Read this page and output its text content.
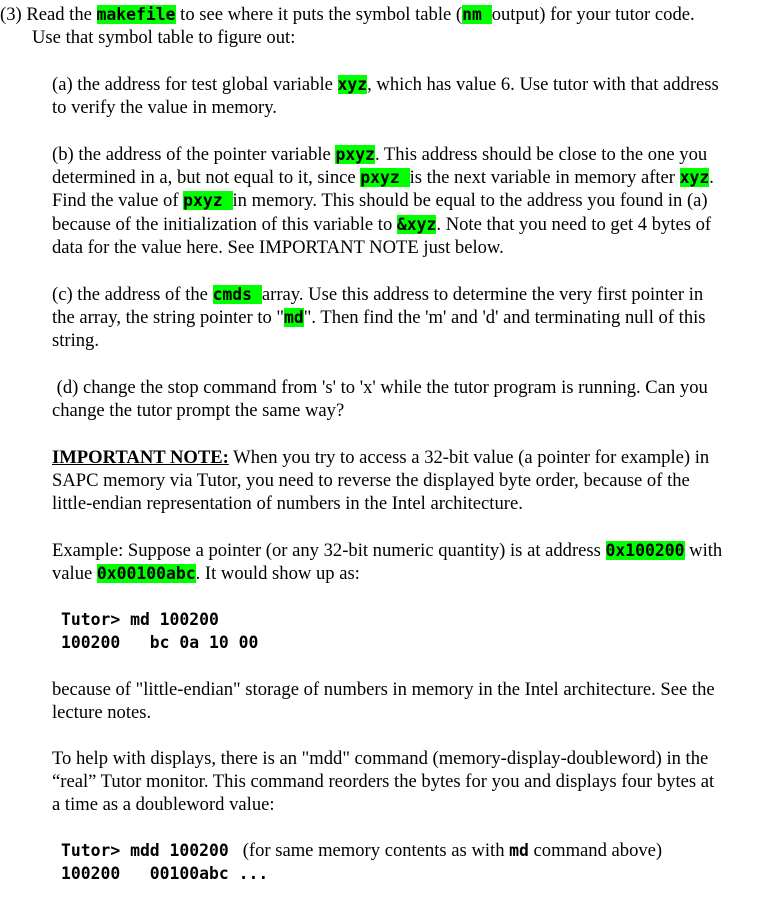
(3) Read the makefile to see where it puts the symbol table (nm output) for your tutor code.
Use that symbol table to figure out:
(a) the address for test global variable xyz, which has value 6. Use tutor with that address
to verify the value in memory.
(b) the address of the pointer variable pxyz. This address should be close to the one you
determined in a, but not equal to it, since pxyz is the next variable in memory after xyz.
Find the value of pxyz in memory. This should be equal to the address you found in (a)
because of the initialization of this variable to &xyz. Note that you need to get 4 bytes of
data for the value here. See IMPORTANT NOTE just below.
(c) the address of the cmds array. Use this address to determine the very first pointer in
the array, the string pointer to "md". Then find the 'm' and 'd' and terminating null of this
string.
(d) change the stop command from 's' to 'x' while the tutor program is running. Can you
change the tutor prompt the same way?
IMPORTANT NOTE: When you try to access a 32-bit value (a pointer for example) in
SAPC memory via Tutor, you need to reverse the displayed byte order, because of the
little-endian representation of numbers in the Intel architecture.
Example: Suppose a pointer (or any 32-bit numeric quantity) is at address 0x100200 with
value 0x00100abc. It would show up as:
Tutor> md 100200
100200   bc 0a 10 00
because of "little-endian" storage of numbers in memory in the Intel architecture. See the
lecture notes.
To help with displays, there is an "mdd" command (memory-display-doubleword) in the
“real” Tutor monitor. This command reorders the bytes for you and displays four bytes at
a time as a doubleword value:
Tutor> mdd 100200   (for same memory contents as with md command above)
100200   00100abc ...
